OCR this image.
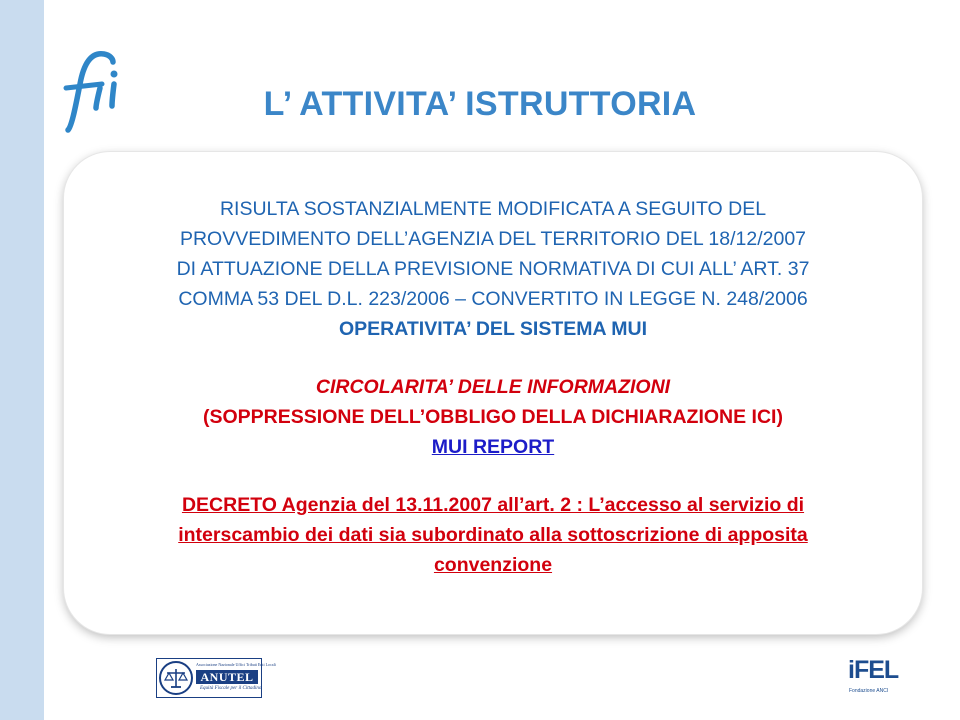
L’ ATTIVITA’ ISTRUTTORIA
RISULTA SOSTANZIALMENTE MODIFICATA A SEGUITO DEL
PROVVEDIMENTO DELL’AGENZIA DEL TERRITORIO DEL 18/12/2007
DI ATTUAZIONE DELLA PREVISIONE NORMATIVA DI CUI ALL’ ART. 37
COMMA 53 DEL D.L. 223/2006 – CONVERTITO IN LEGGE N. 248/2006
OPERATIVITA’ DEL SISTEMA MUI
CIRCOLARITA’ DELLE INFORMAZIONI
(SOPPRESSIONE DELL’OBBLIGO DELLA DICHIARAZIONE ICI)
MUI REPORT
DECRETO Agenzia del 13.11.2007 all’art. 2 : L’accesso al servizio di
interscambio dei dati sia subordinato alla sottoscrizione di apposita
convenzione
Associazione Nazionale Uffici Tributi Enti Locali
ANUTEL
Equità Fiscale per il Cittadino
iFEL
Fondazione ANCI
